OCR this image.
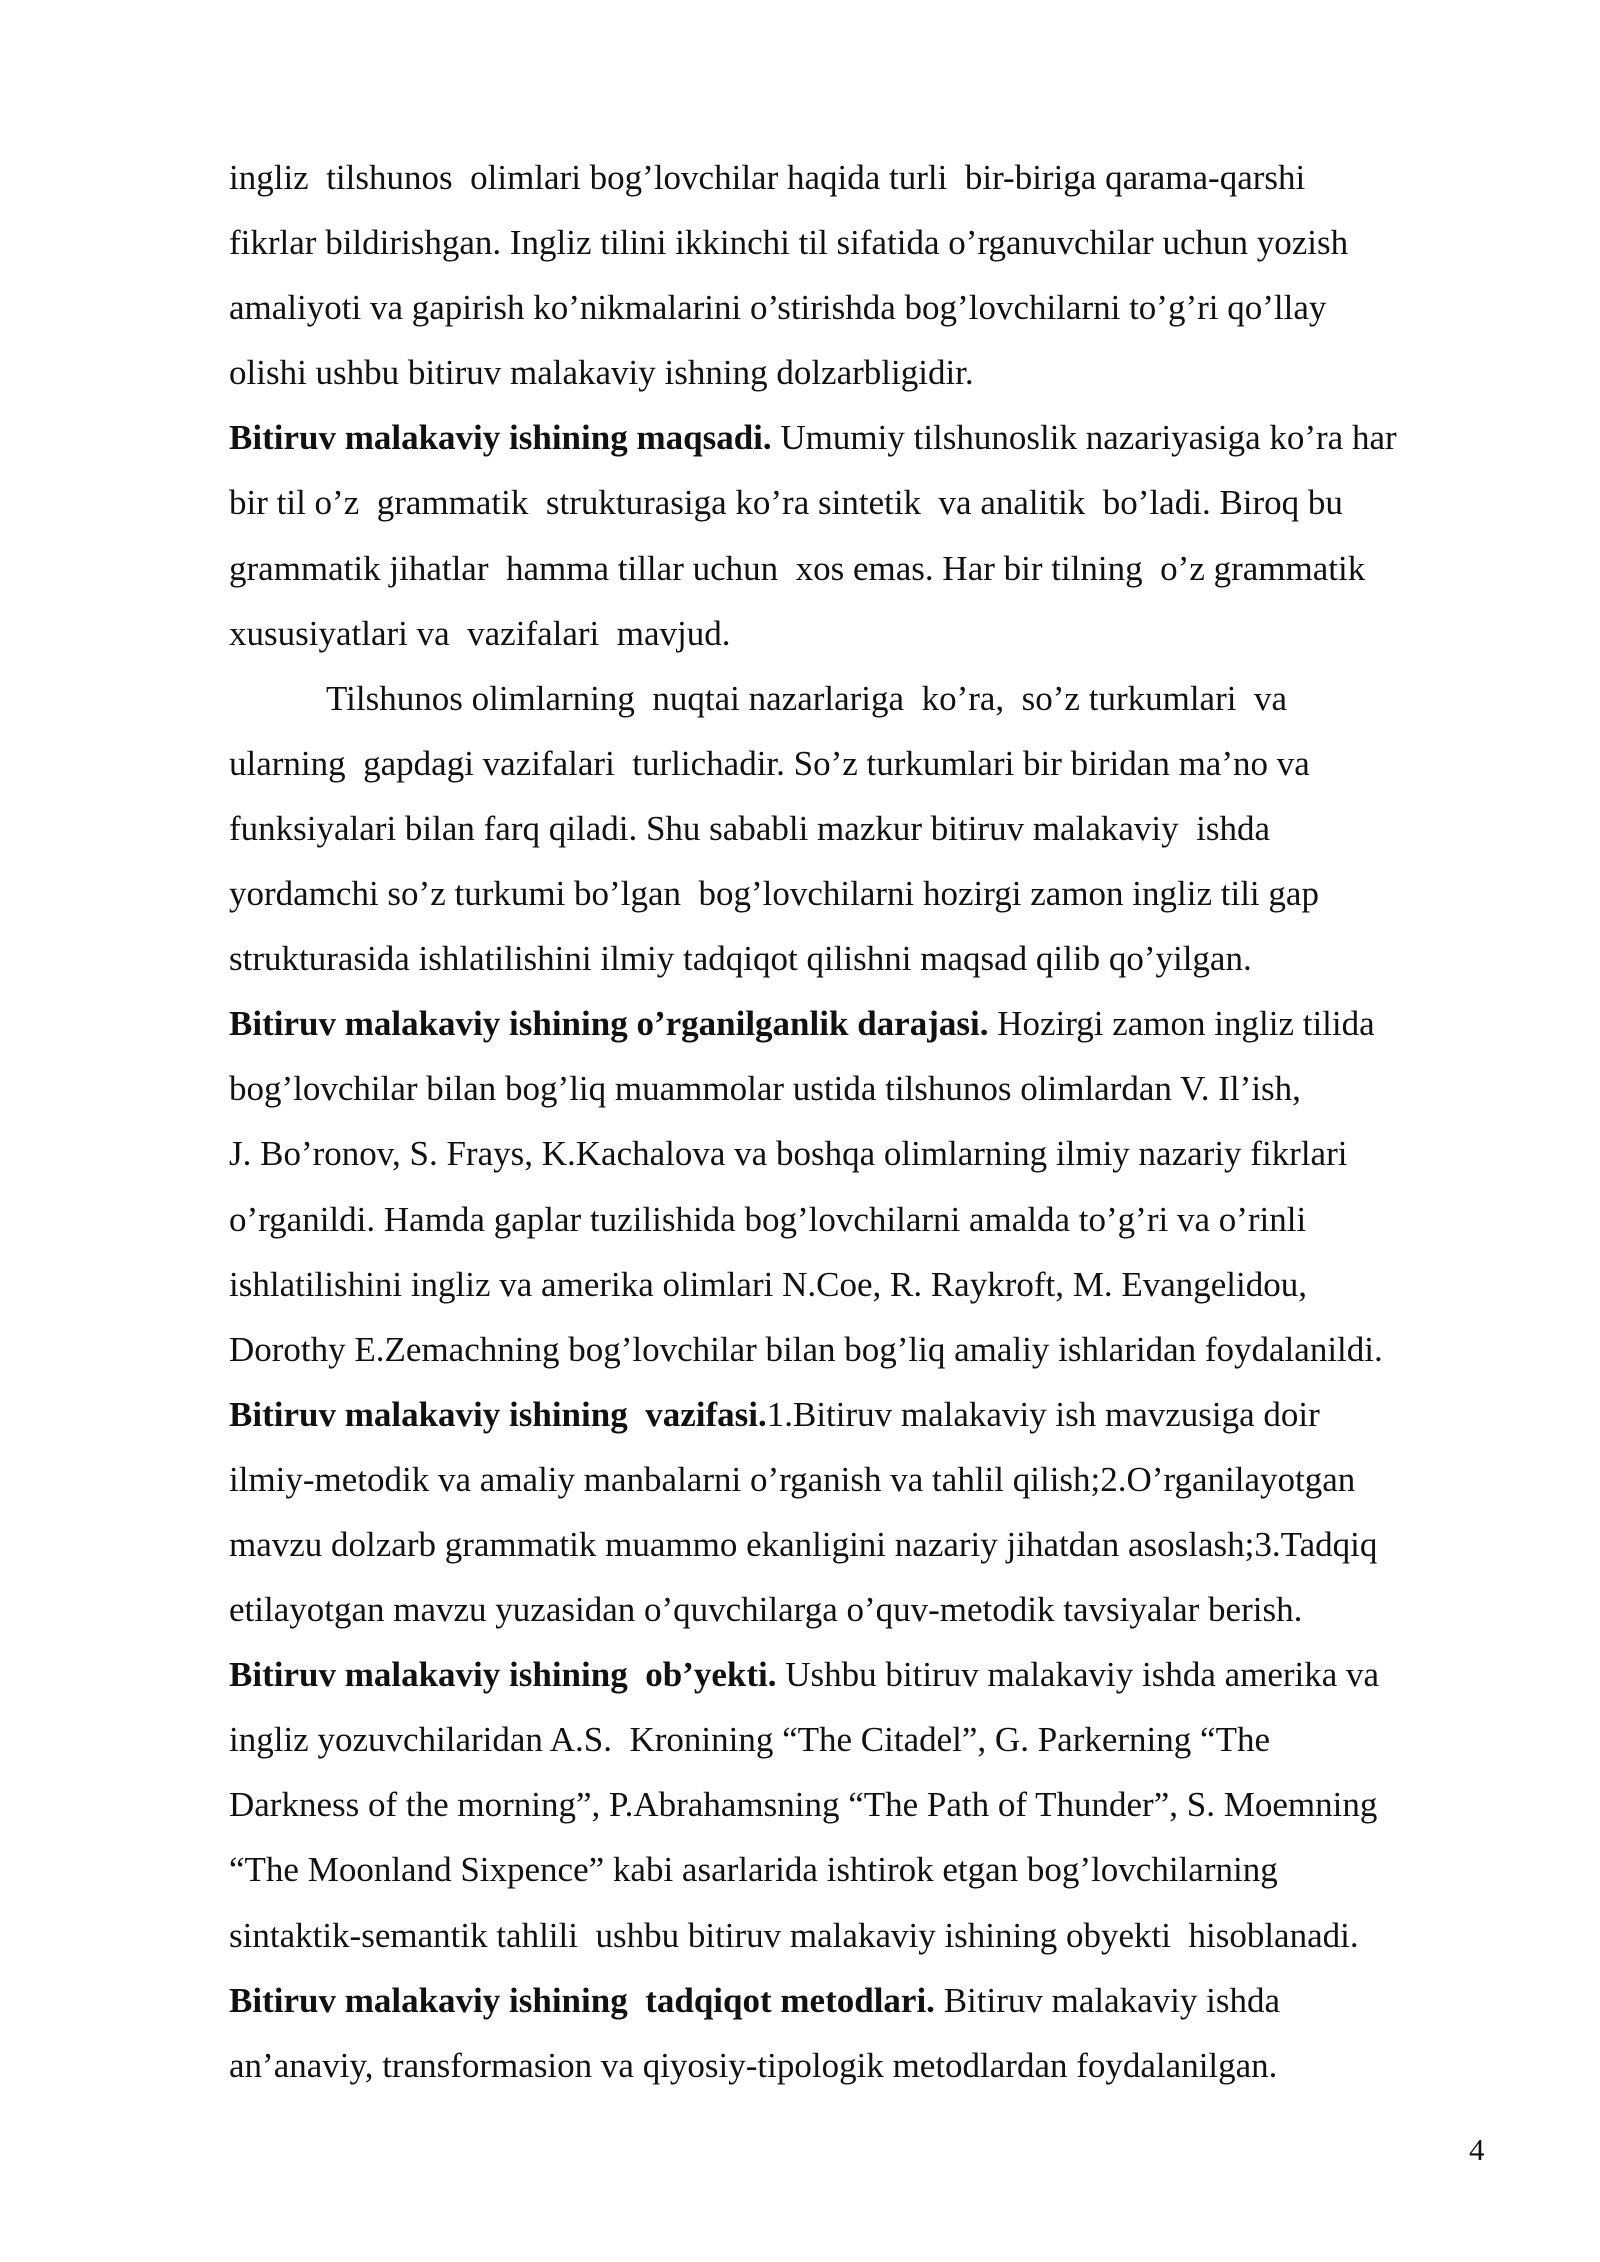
ingliz  tilshunos  olimlari bog’lovchilar haqida turli  bir-biriga qarama-qarshi
fikrlar bildirishgan. Ingliz tilini ikkinchi til sifatida o’rganuvchilar uchun yozish
amaliyoti va gapirish ko’nikmalarini o’stirishda bog’lovchilarni to’g’ri qo’llay
olishi ushbu bitiruv malakaviy ishning dolzarbligidir.
Bitiruv malakaviy ishining maqsadi. Umumiy tilshunoslik nazariyasiga ko’ra har
bir til o’z  grammatik  strukturasiga ko’ra sintetik  va analitik  bo’ladi. Biroq bu
grammatik jihatlar  hamma tillar uchun  xos emas. Har bir tilning  o’z grammatik
xususiyatlari va  vazifalari  mavjud.
Tilshunos olimlarning  nuqtai nazarlariga  ko’ra,  so’z turkumlari  va
ularning  gapdagi vazifalari  turlichadir. So’z turkumlari bir biridan ma’no va
funksiyalari bilan farq qiladi. Shu sababli mazkur bitiruv malakaviy  ishda
yordamchi so’z turkumi bo’lgan  bog’lovchilarni hozirgi zamon ingliz tili gap
strukturasida ishlatilishini ilmiy tadqiqot qilishni maqsad qilib qo’yilgan.
Bitiruv malakaviy ishining o’rganilganlik darajasi. Hozirgi zamon ingliz tilida
bog’lovchilar bilan bog’liq muammolar ustida tilshunos olimlardan V. Il’ish,
J. Bo’ronov, S. Frays, K.Kachalova va boshqa olimlarning ilmiy nazariy fikrlari
o’rganildi. Hamda gaplar tuzilishida bog’lovchilarni amalda to’g’ri va o’rinli
ishlatilishini ingliz va amerika olimlari N.Coe, R. Raykroft, M. Evangelidou,
Dorothy E.Zemachning bog’lovchilar bilan bog’liq amaliy ishlaridan foydalanildi.
Bitiruv malakaviy ishining  vazifasi.1.Bitiruv malakaviy ish mavzusiga doir
ilmiy-metodik va amaliy manbalarni o’rganish va tahlil qilish;2.O’rganilayotgan
mavzu dolzarb grammatik muammo ekanligini nazariy jihatdan asoslash;3.Tadqiq
etilayotgan mavzu yuzasidan o’quvchilarga o’quv-metodik tavsiyalar berish.
Bitiruv malakaviy ishining  ob’yekti. Ushbu bitiruv malakaviy ishda amerika va
ingliz yozuvchilaridan A.S.  Kronining “The Citadel”, G. Parkerning “The
Darkness of the morning”, P.Abrahamsning “The Path of Thunder”, S. Moemning
“The Moonland Sixpence” kabi asarlarida ishtirok etgan bog’lovchilarning
sintaktik-semantik tahlili  ushbu bitiruv malakaviy ishining obyekti  hisoblanadi.
Bitiruv malakaviy ishining  tadqiqot metodlari. Bitiruv malakaviy ishda
an’anaviy, transformasion va qiyosiy-tipologik metodlardan foydalanilgan.
4
